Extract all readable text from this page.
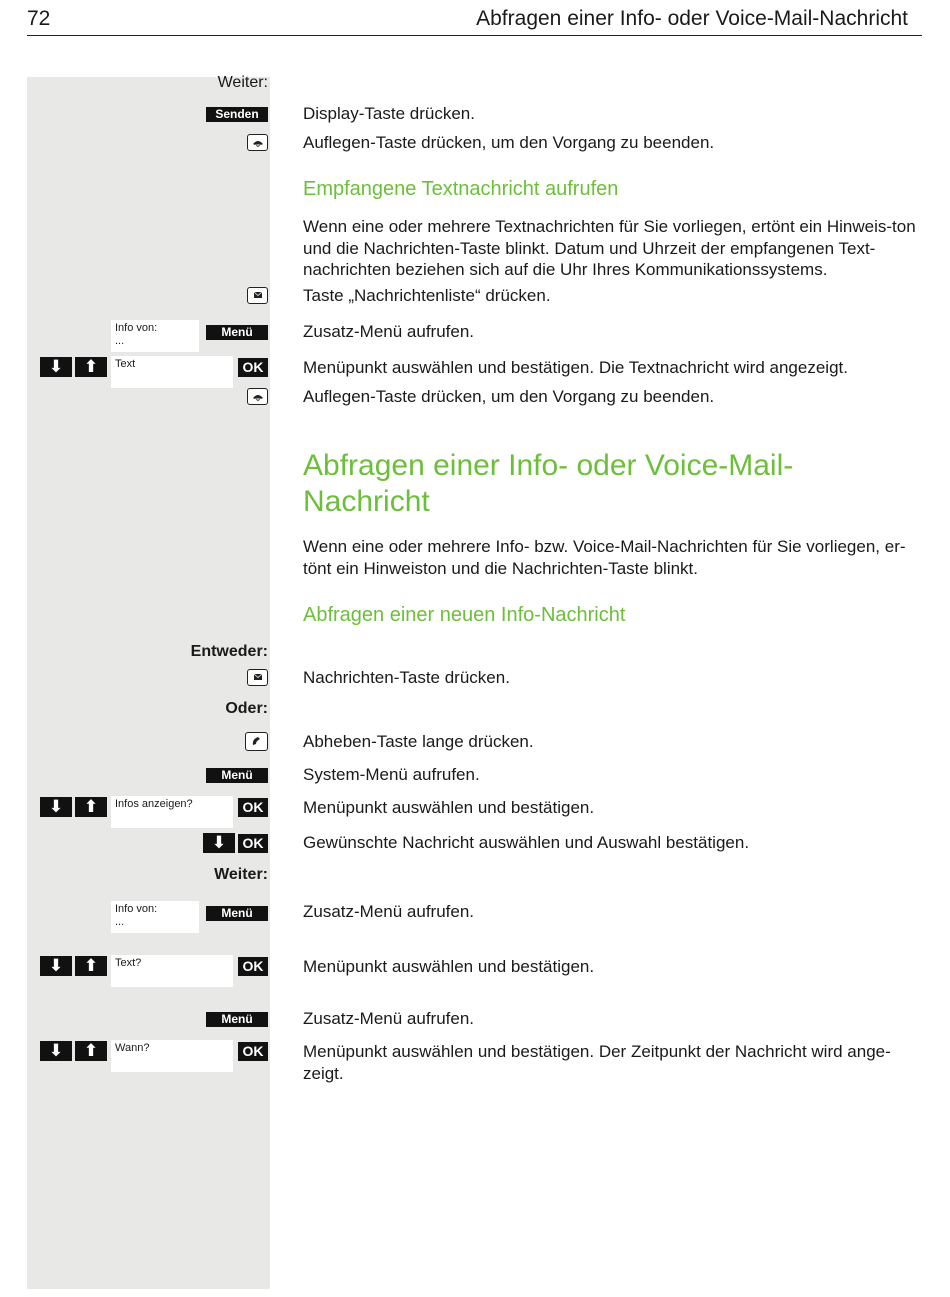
72	Abfragen einer Info- oder Voice-Mail-Nachricht
Weiter:
Senden	Display-Taste drücken.
Auflegen-Taste drücken, um den Vorgang zu beenden.
Empfangene Textnachricht aufrufen
Wenn eine oder mehrere Textnachrichten für Sie vorliegen, ertönt ein Hinweis-ton und die Nachrichten-Taste blinkt. Datum und Uhrzeit der empfangenen Text-nachrichten beziehen sich auf die Uhr Ihres Kommunikationssystems.
Taste „Nachrichtenliste“ drücken.
Info von:
...
Menü	Zusatz-Menü aufrufen.
⬇	⬆	Text	OK Menüpunkt auswählen und bestätigen. Die Textnachricht wird angezeigt.
Auflegen-Taste drücken, um den Vorgang zu beenden.
Abfragen einer Info- oder Voice-Mail-Nachricht
Wenn eine oder mehrere Info- bzw. Voice-Mail-Nachrichten für Sie vorliegen, er-tönt ein Hinweiston und die Nachrichten-Taste blinkt.
Abfragen einer neuen Info-Nachricht
Entweder:
Nachrichten-Taste drücken.
Oder:
Abheben-Taste lange drücken.
Menü	System-Menü aufrufen.
⬇	⬆	Infos anzeigen?	OK Menüpunkt auswählen und bestätigen.
⬇	OK Gewünschte Nachricht auswählen und Auswahl bestätigen.
Weiter:
Info von:
...
Menü	Zusatz-Menü aufrufen.
⬇	⬆	Text?	OK Menüpunkt auswählen und bestätigen.
Menü	Zusatz-Menü aufrufen.
⬇	⬆	Wann?	OK Menüpunkt auswählen und bestätigen. Der Zeitpunkt der Nachricht wird ange-zeigt.
